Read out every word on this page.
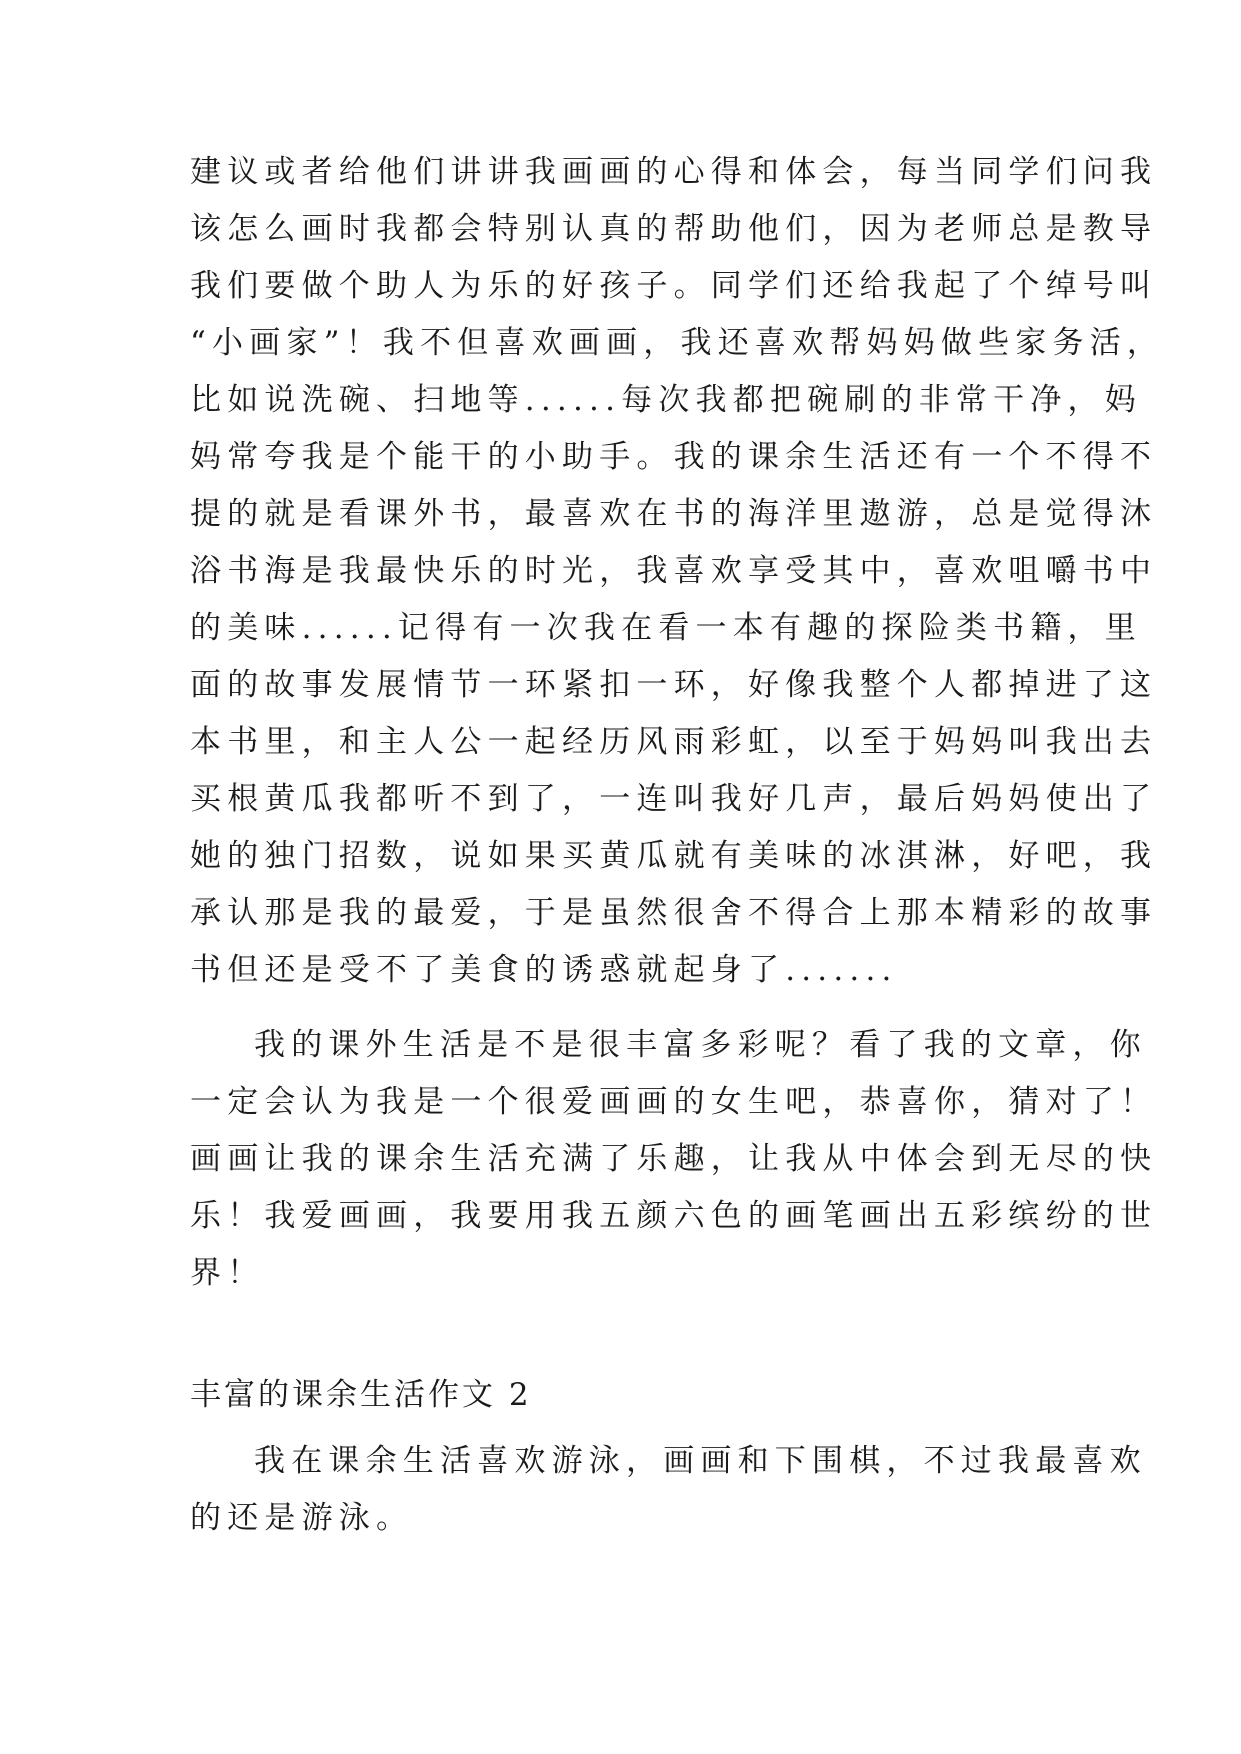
建议或者给他们讲讲我画画的心得和体会，每当同学们问我
该怎么画时我都会特别认真的帮助他们，因为老师总是教导
我们要做个助人为乐的好孩子。同学们还给我起了个绰号叫
“小画家”！我不但喜欢画画，我还喜欢帮妈妈做些家务活，
比如说洗碗、扫地等......每次我都把碗刷的非常干净，妈
妈常夸我是个能干的小助手。我的课余生活还有一个不得不
提的就是看课外书，最喜欢在书的海洋里遨游，总是觉得沐
浴书海是我最快乐的时光，我喜欢享受其中，喜欢咀嚼书中
的美味......记得有一次我在看一本有趣的探险类书籍，里
面的故事发展情节一环紧扣一环，好像我整个人都掉进了这
本书里，和主人公一起经历风雨彩虹，以至于妈妈叫我出去
买根黄瓜我都听不到了，一连叫我好几声，最后妈妈使出了
她的独门招数，说如果买黄瓜就有美味的冰淇淋，好吧，我
承认那是我的最爱，于是虽然很舍不得合上那本精彩的故事
书但还是受不了美食的诱惑就起身了.......
我的课外生活是不是很丰富多彩呢？看了我的文章，你
一定会认为我是一个很爱画画的女生吧，恭喜你，猜对了！
画画让我的课余生活充满了乐趣，让我从中体会到无尽的快
乐！我爱画画，我要用我五颜六色的画笔画出五彩缤纷的世
界！
丰富的课余生活作文 2
我在课余生活喜欢游泳，画画和下围棋，不过我最喜欢
的还是游泳。
